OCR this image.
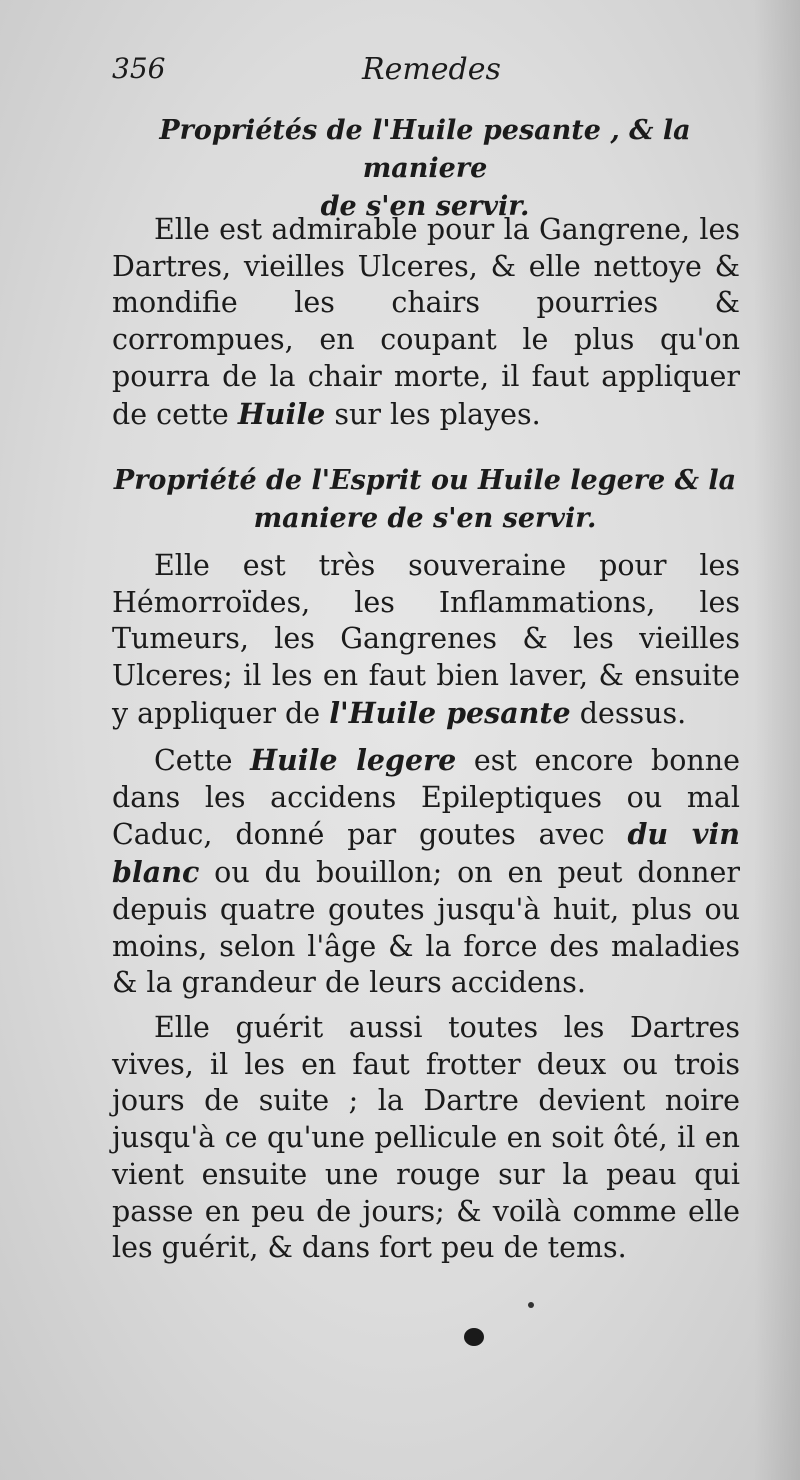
356	Remedes
Propriétés de l'Huile pesante , & la maniere
de s'en servir.

Elle est admirable pour la Gangrene, les Dartres, vieilles Ulceres, & elle nettoye & mondifie les chairs pourries & corrompues, en coupant le plus qu'on pourra de la chair morte, il faut appliquer de cette Huile sur les playes.

Propriété de l'Esprit ou Huile legere & la
maniere de s'en servir.

Elle est très souveraine pour les Hémorroïdes, les Inflammations, les Tumeurs, les Gangrenes & les vieilles Ulceres; il les en faut bien laver, & ensuite y appliquer de l'Huile pesante dessus.

Cette Huile legere est encore bonne dans les accidens Epileptiques ou mal Caduc, donné par goutes avec du vin blanc ou du bouillon; on en peut donner depuis quatre goutes jusqu'à huit, plus ou moins, selon l'âge & la force des maladies & la grandeur de leurs accidens.

Elle guérit aussi toutes les Dartres vives, il les en faut frotter deux ou trois jours de suite ; la Dartre devient noire jusqu'à ce qu'une pellicule en soit ôté, il en vient ensuite une rouge sur la peau qui passe en peu de jours; & voilà comme elle les guérit, & dans fort peu de tems.
